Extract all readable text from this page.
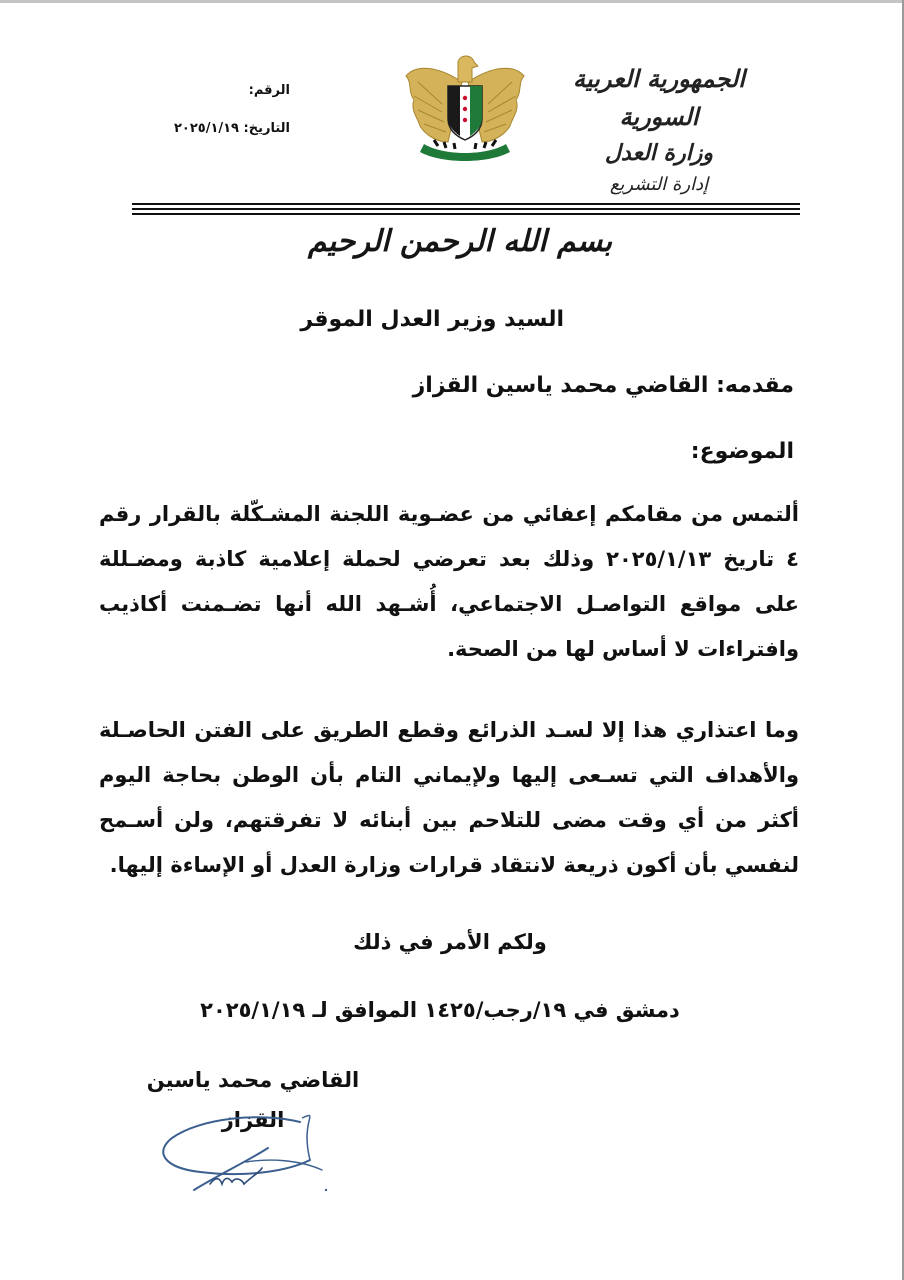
الجمهورية العربية السورية
وزارة العدل
إدارة التشريع
الرقم:
التاريخ: ٢٠٢٥/١/١٩
بسم الله الرحمن الرحيم
السيد وزير العدل الموقر
مقدمه: القاضي محمد ياسين القزاز
الموضوع:
ألتمس من مقامكم إعفائي من عضـوية اللجنة المشـكّلة بالقرار رقم ٤ تاريخ ٢٠٢٥/١/١٣ وذلك بعد تعرضي لحملة إعلامية كاذبة ومضـللة على مواقع التواصـل الاجتماعي، أُشـهد الله أنها تضـمنت أكاذيب وافتراءات لا أساس لها من الصحة.
وما اعتذاري هذا إلا لسـد الذرائع وقطع الطريق على الفتن الحاصـلة والأهداف التي تسـعى إليها ولإيماني التام بأن الوطن بحاجة اليوم أكثر من أي وقت مضى للتلاحم بين أبنائه لا تفرقتهم، ولن أسـمح لنفسي بأن أكون ذريعة لانتقاد قرارات وزارة العدل أو الإساءة إليها.
ولكم الأمر في ذلك
دمشق في ١٩/رجب/١٤٢٥ الموافق لـ ٢٠٢٥/١/١٩
القاضي محمد ياسين القزاز
